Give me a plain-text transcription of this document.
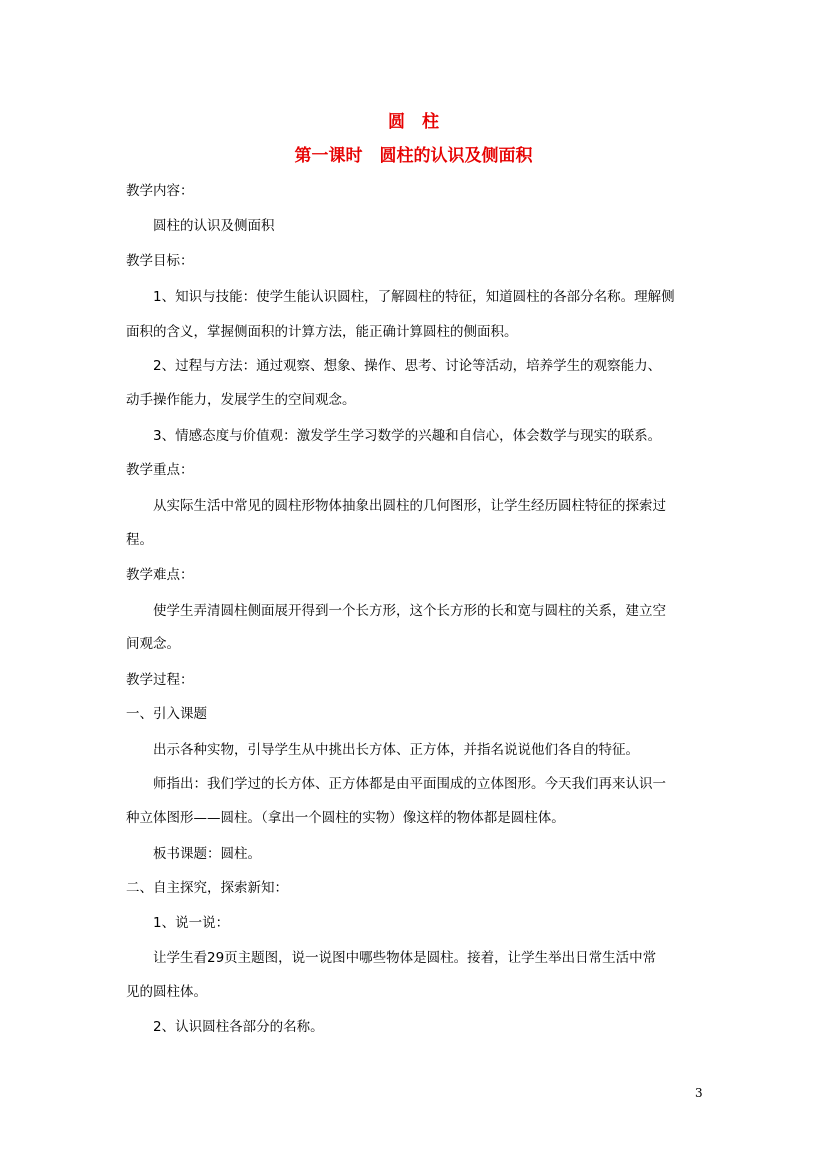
圆　柱
第一课时　圆柱的认识及侧面积
教学内容：
圆柱的认识及侧面积
教学目标：
1、知识与技能：使学生能认识圆柱，了解圆柱的特征，知道圆柱的各部分名称。理解侧
面积的含义，掌握侧面积的计算方法，能正确计算圆柱的侧面积。
2、过程与方法：通过观察、想象、操作、思考、讨论等活动，培养学生的观察能力、
动手操作能力，发展学生的空间观念。
3、情感态度与价值观：激发学生学习数学的兴趣和自信心，体会数学与现实的联系。
教学重点：
从实际生活中常见的圆柱形物体抽象出圆柱的几何图形，让学生经历圆柱特征的探索过
程。
教学难点：
使学生弄清圆柱侧面展开得到一个长方形，这个长方形的长和宽与圆柱的关系，建立空
间观念。
教学过程：
一、引入课题
出示各种实物，引导学生从中挑出长方体、正方体，并指名说说他们各自的特征。
师指出：我们学过的长方体、正方体都是由平面围成的立体图形。今天我们再来认识一
种立体图形——圆柱。（拿出一个圆柱的实物）像这样的物体都是圆柱体。
板书课题：圆柱。
二、自主探究，探索新知：
1、说一说：
让学生看29页主题图，说一说图中哪些物体是圆柱。接着，让学生举出日常生活中常
见的圆柱体。
2、认识圆柱各部分的名称。
3
